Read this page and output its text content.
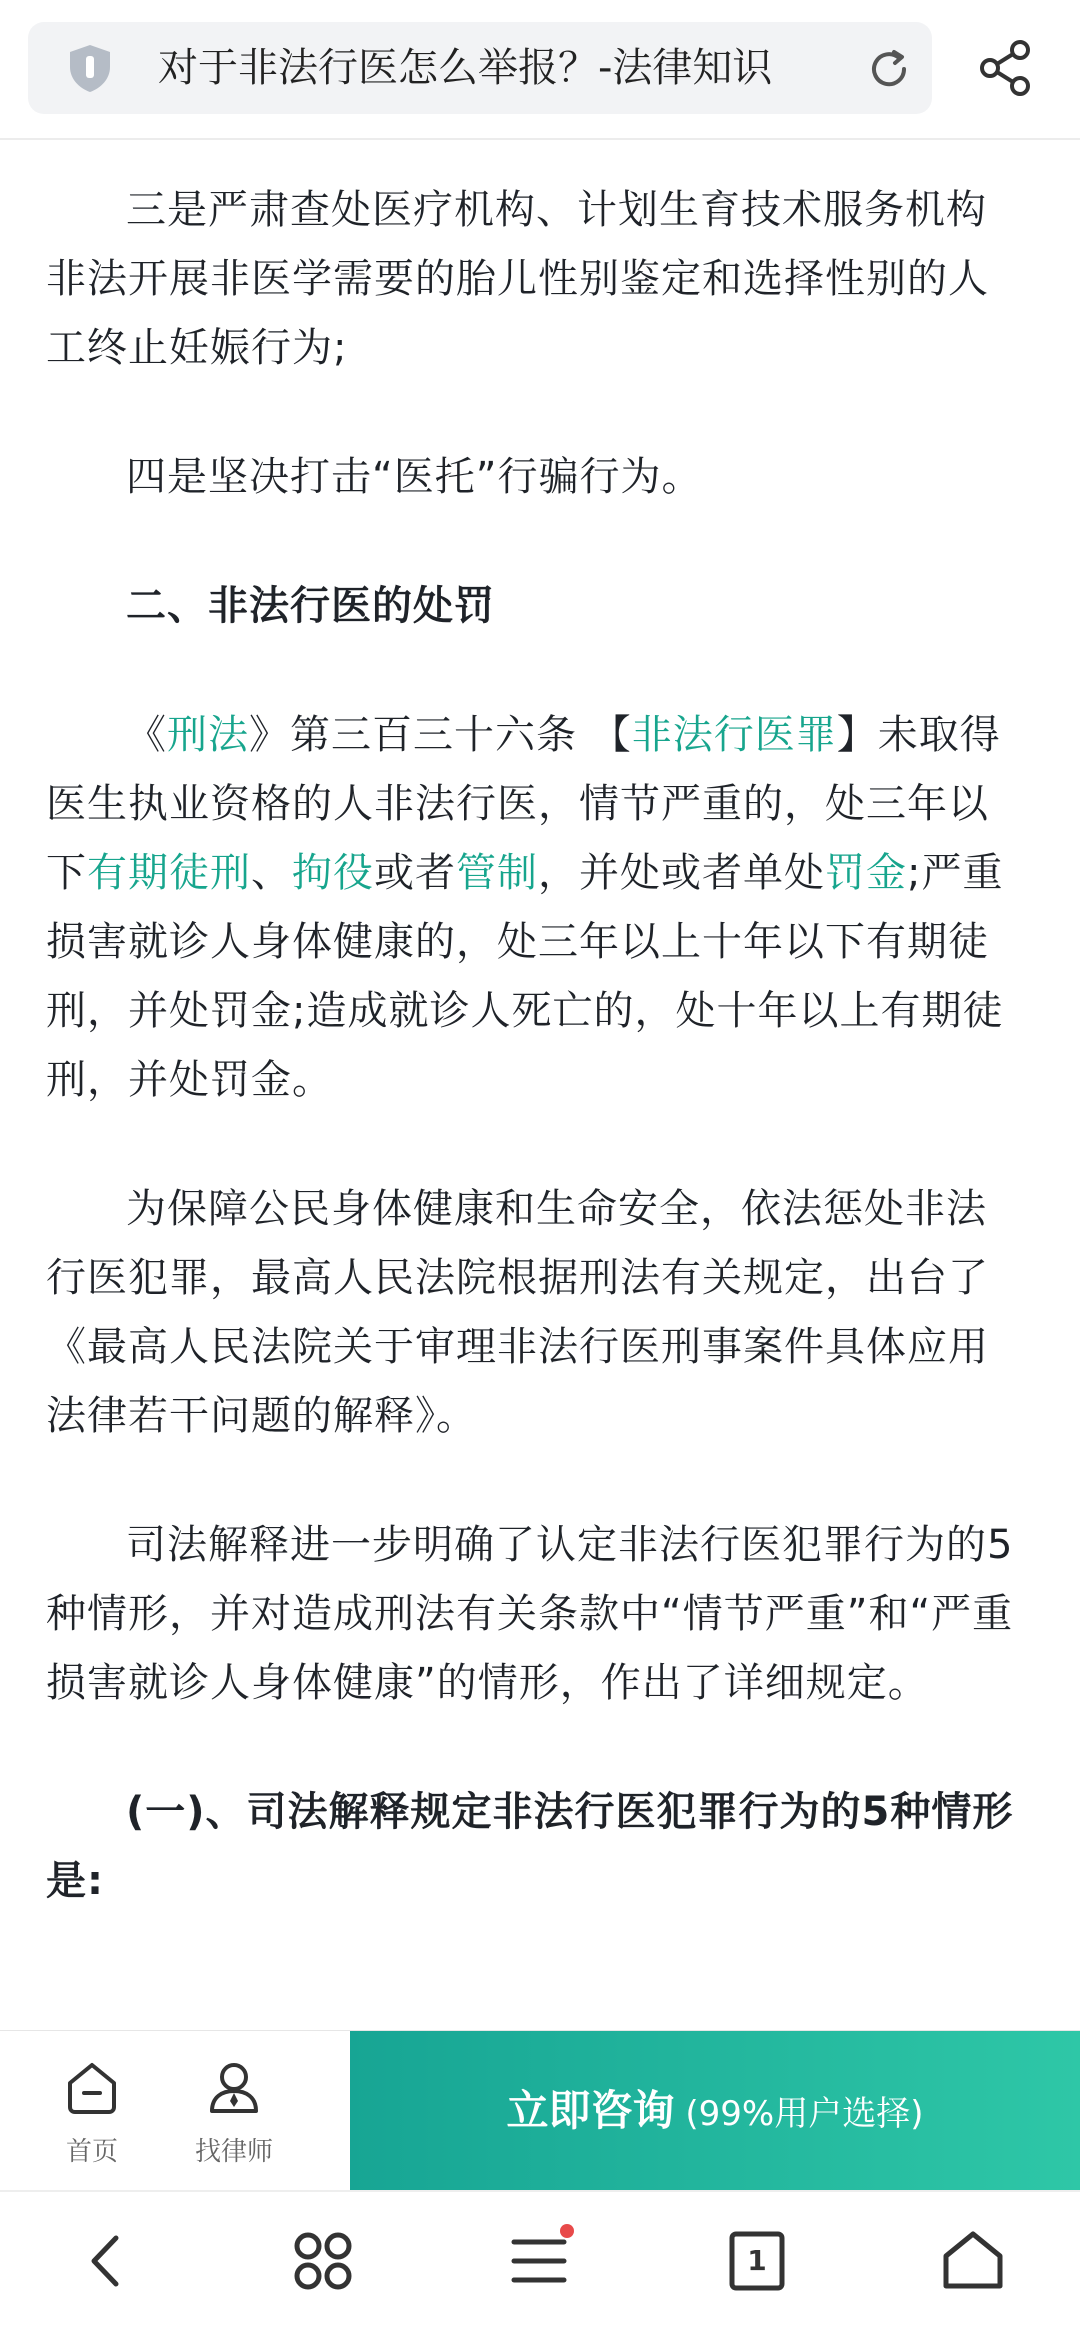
对于非法行医怎么举报？-法律知识

三是严肃查处医疗机构、计划生育技术服务机构非法开展非医学需要的胎儿性别鉴定和选择性别的人工终止妊娠行为;

四是坚决打击“医托”行骗行为。

二、非法行医的处罚

《刑法》第三百三十六条 【非法行医罪】未取得医生执业资格的人非法行医，情节严重的，处三年以下有期徒刑、拘役或者管制，并处或者单处罚金;严重损害就诊人身体健康的，处三年以上十年以下有期徒刑，并处罚金;造成就诊人死亡的，处十年以上有期徒刑，并处罚金。

为保障公民身体健康和生命安全，依法惩处非法行医犯罪，最高人民法院根据刑法有关规定，出台了《最高人民法院关于审理非法行医刑事案件具体应用法律若干问题的解释》。

司法解释进一步明确了认定非法行医犯罪行为的5种情形，并对造成刑法有关条款中“情节严重”和“严重损害就诊人身体健康”的情形，作出了详细规定。

(一)、司法解释规定非法行医犯罪行为的5种情形是:

首页	找律师
立即咨询 (99%用户选择)
1
